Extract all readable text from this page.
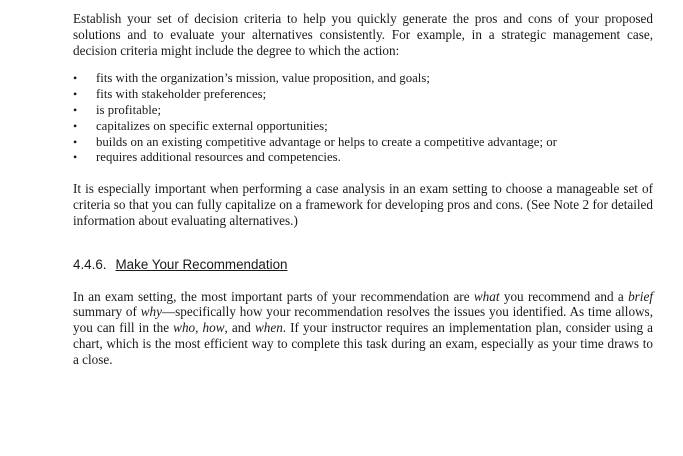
Establish your set of decision criteria to help you quickly generate the pros and cons of your proposed solutions and to evaluate your alternatives consistently. For example, in a strategic management case, decision criteria might include the degree to which the action:

• fits with the organization’s mission, value proposition, and goals;
• fits with stakeholder preferences;
• is profitable;
• capitalizes on specific external opportunities;
• builds on an existing competitive advantage or helps to create a competitive advantage; or
• requires additional resources and competencies.

It is especially important when performing a case analysis in an exam setting to choose a manageable set of criteria so that you can fully capitalize on a framework for developing pros and cons. (See Note 2 for detailed information about evaluating alternatives.)

4.4.6. Make Your Recommendation

In an exam setting, the most important parts of your recommendation are what you recommend and a brief summary of why—specifically how your recommendation resolves the issues you identified. As time allows, you can fill in the who, how, and when. If your instructor requires an implementation plan, consider using a chart, which is the most efficient way to complete this task during an exam, especially as your time draws to a close.
